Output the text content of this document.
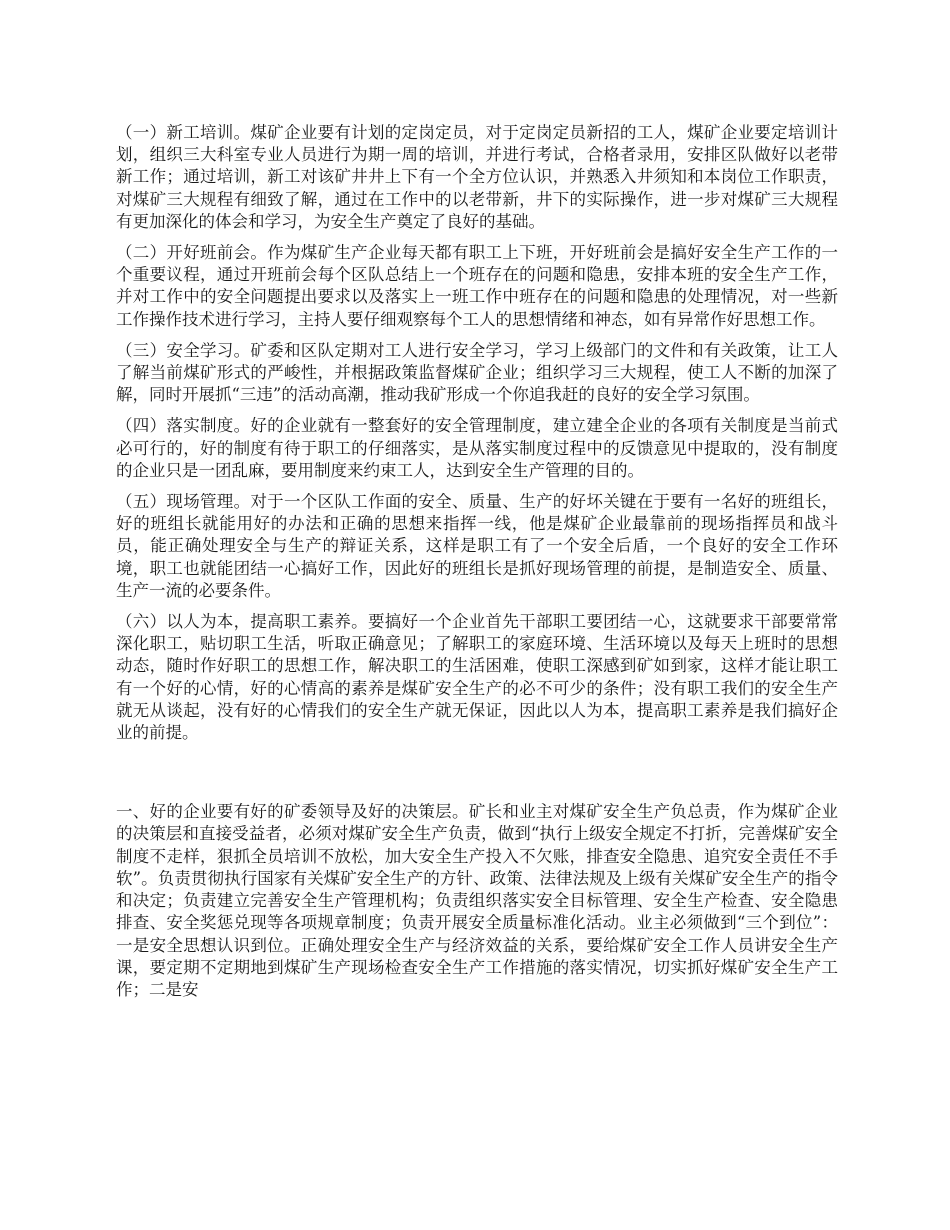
（一）新工培训。煤矿企业要有计划的定岗定员，对于定岗定员新招的工人，煤矿企业要定培训计划，组织三大科室专业人员进行为期一周的培训，并进行考试，合格者录用，安排区队做好以老带新工作；通过培训，新工对该矿井井上下有一个全方位认识，并熟悉入井须知和本岗位工作职责，对煤矿三大规程有细致了解，通过在工作中的以老带新，井下的实际操作，进一步对煤矿三大规程有更加深化的体会和学习，为安全生产奠定了良好的基础。

（二）开好班前会。作为煤矿生产企业每天都有职工上下班，开好班前会是搞好安全生产工作的一个重要议程，通过开班前会每个区队总结上一个班存在的问题和隐患，安排本班的安全生产工作，并对工作中的安全问题提出要求以及落实上一班工作中班存在的问题和隐患的处理情况，对一些新工作操作技术进行学习，主持人要仔细观察每个工人的思想情绪和神态，如有异常作好思想工作。

（三）安全学习。矿委和区队定期对工人进行安全学习，学习上级部门的文件和有关政策，让工人了解当前煤矿形式的严峻性，并根据政策监督煤矿企业；组织学习三大规程，使工人不断的加深了解，同时开展抓“三违”的活动高潮，推动我矿形成一个你追我赶的良好的安全学习氛围。

（四）落实制度。好的企业就有一整套好的安全管理制度，建立建全企业的各项有关制度是当前式必可行的，好的制度有待于职工的仔细落实，是从落实制度过程中的反馈意见中提取的，没有制度的企业只是一团乱麻，要用制度来约束工人，达到安全生产管理的目的。

（五）现场管理。对于一个区队工作面的安全、质量、生产的好坏关键在于要有一名好的班组长，好的班组长就能用好的办法和正确的思想来指挥一线，他是煤矿企业最靠前的现场指挥员和战斗员，能正确处理安全与生产的辩证关系，这样是职工有了一个安全后盾，一个良好的安全工作环境，职工也就能团结一心搞好工作，因此好的班组长是抓好现场管理的前提，是制造安全、质量、生产一流的必要条件。

（六）以人为本，提高职工素养。要搞好一个企业首先干部职工要团结一心，这就要求干部要常常深化职工，贴切职工生活，听取正确意见；了解职工的家庭环境、生活环境以及每天上班时的思想动态，随时作好职工的思想工作，解决职工的生活困难，使职工深感到矿如到家，这样才能让职工有一个好的心情，好的心情高的素养是煤矿安全生产的必不可少的条件；没有职工我们的安全生产就无从谈起，没有好的心情我们的安全生产就无保证，因此以人为本，提高职工素养是我们搞好企业的前提。

一、好的企业要有好的矿委领导及好的决策层。矿长和业主对煤矿安全生产负总责，作为煤矿企业的决策层和直接受益者，必须对煤矿安全生产负责，做到“执行上级安全规定不打折，完善煤矿安全制度不走样，狠抓全员培训不放松，加大安全生产投入不欠账，排查安全隐患、追究安全责任不手软”。负责贯彻执行国家有关煤矿安全生产的方针、政策、法律法规及上级有关煤矿安全生产的指令和决定；负责建立完善安全生产管理机构；负责组织落实安全目标管理、安全生产检查、安全隐患排查、安全奖惩兑现等各项规章制度；负责开展安全质量标准化活动。业主必须做到“三个到位”：一是安全思想认识到位。正确处理安全生产与经济效益的关系，要给煤矿安全工作人员讲安全生产课，要定期不定期地到煤矿生产现场检查安全生产工作措施的落实情况，切实抓好煤矿安全生产工作；二是安
